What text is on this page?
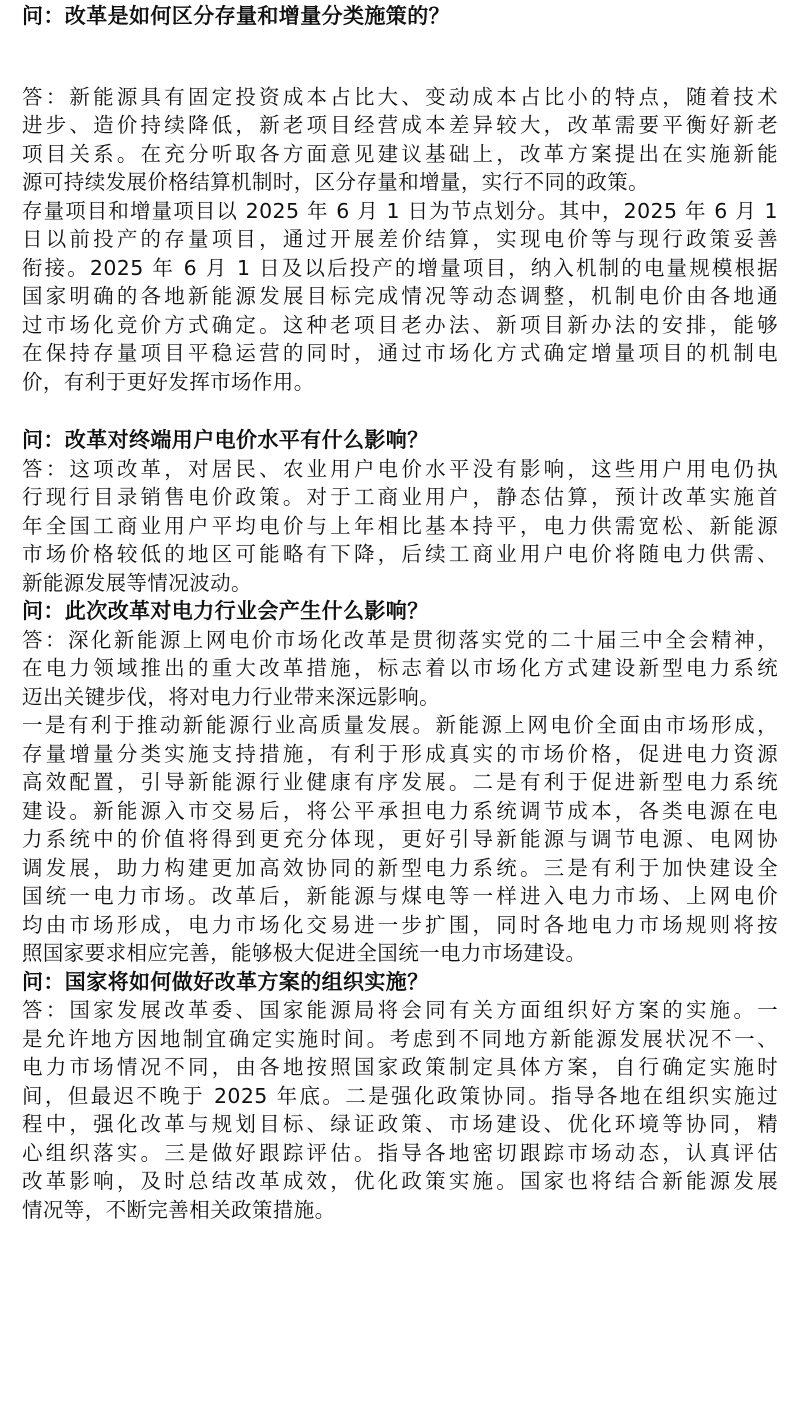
问：改革是如何区分存量和增量分类施策的？

答：新能源具有固定投资成本占比大、变动成本占比小的特点，随着技术

进步、造价持续降低，新老项目经营成本差异较大，改革需要平衡好新老

项目关系。在充分听取各方面意见建议基础上，改革方案提出在实施新能

源可持续发展价格结算机制时，区分存量和增量，实行不同的政策。

存量项目和增量项目以 2025 年 6 月 1 日为节点划分。其中，2025 年 6 月 1

日以前投产的存量项目，通过开展差价结算，实现电价等与现行政策妥善

衔接。2025 年 6 月 1 日及以后投产的增量项目，纳入机制的电量规模根据

国家明确的各地新能源发展目标完成情况等动态调整，机制电价由各地通

过市场化竞价方式确定。这种老项目老办法、新项目新办法的安排，能够

在保持存量项目平稳运营的同时，通过市场化方式确定增量项目的机制电

价，有利于更好发挥市场作用。

问：改革对终端用户电价水平有什么影响？

答：这项改革，对居民、农业用户电价水平没有影响，这些用户用电仍执

行现行目录销售电价政策。对于工商业用户，静态估算，预计改革实施首

年全国工商业用户平均电价与上年相比基本持平，电力供需宽松、新能源

市场价格较低的地区可能略有下降，后续工商业用户电价将随电力供需、

新能源发展等情况波动。

问：此次改革对电力行业会产生什么影响？

答：深化新能源上网电价市场化改革是贯彻落实党的二十届三中全会精神，

在电力领域推出的重大改革措施，标志着以市场化方式建设新型电力系统

迈出关键步伐，将对电力行业带来深远影响。

一是有利于推动新能源行业高质量发展。新能源上网电价全面由市场形成，

存量增量分类实施支持措施，有利于形成真实的市场价格，促进电力资源

高效配置，引导新能源行业健康有序发展。二是有利于促进新型电力系统

建设。新能源入市交易后，将公平承担电力系统调节成本，各类电源在电

力系统中的价值将得到更充分体现，更好引导新能源与调节电源、电网协

调发展，助力构建更加高效协同的新型电力系统。三是有利于加快建设全

国统一电力市场。改革后，新能源与煤电等一样进入电力市场、上网电价

均由市场形成，电力市场化交易进一步扩围，同时各地电力市场规则将按

照国家要求相应完善，能够极大促进全国统一电力市场建设。

问：国家将如何做好改革方案的组织实施？

答：国家发展改革委、国家能源局将会同有关方面组织好方案的实施。一

是允许地方因地制宜确定实施时间。考虑到不同地方新能源发展状况不一、

电力市场情况不同，由各地按照国家政策制定具体方案，自行确定实施时

间，但最迟不晚于 2025 年底。二是强化政策协同。指导各地在组织实施过

程中，强化改革与规划目标、绿证政策、市场建设、优化环境等协同，精

心组织落实。三是做好跟踪评估。指导各地密切跟踪市场动态，认真评估

改革影响，及时总结改革成效，优化政策实施。国家也将结合新能源发展

情况等，不断完善相关政策措施。
